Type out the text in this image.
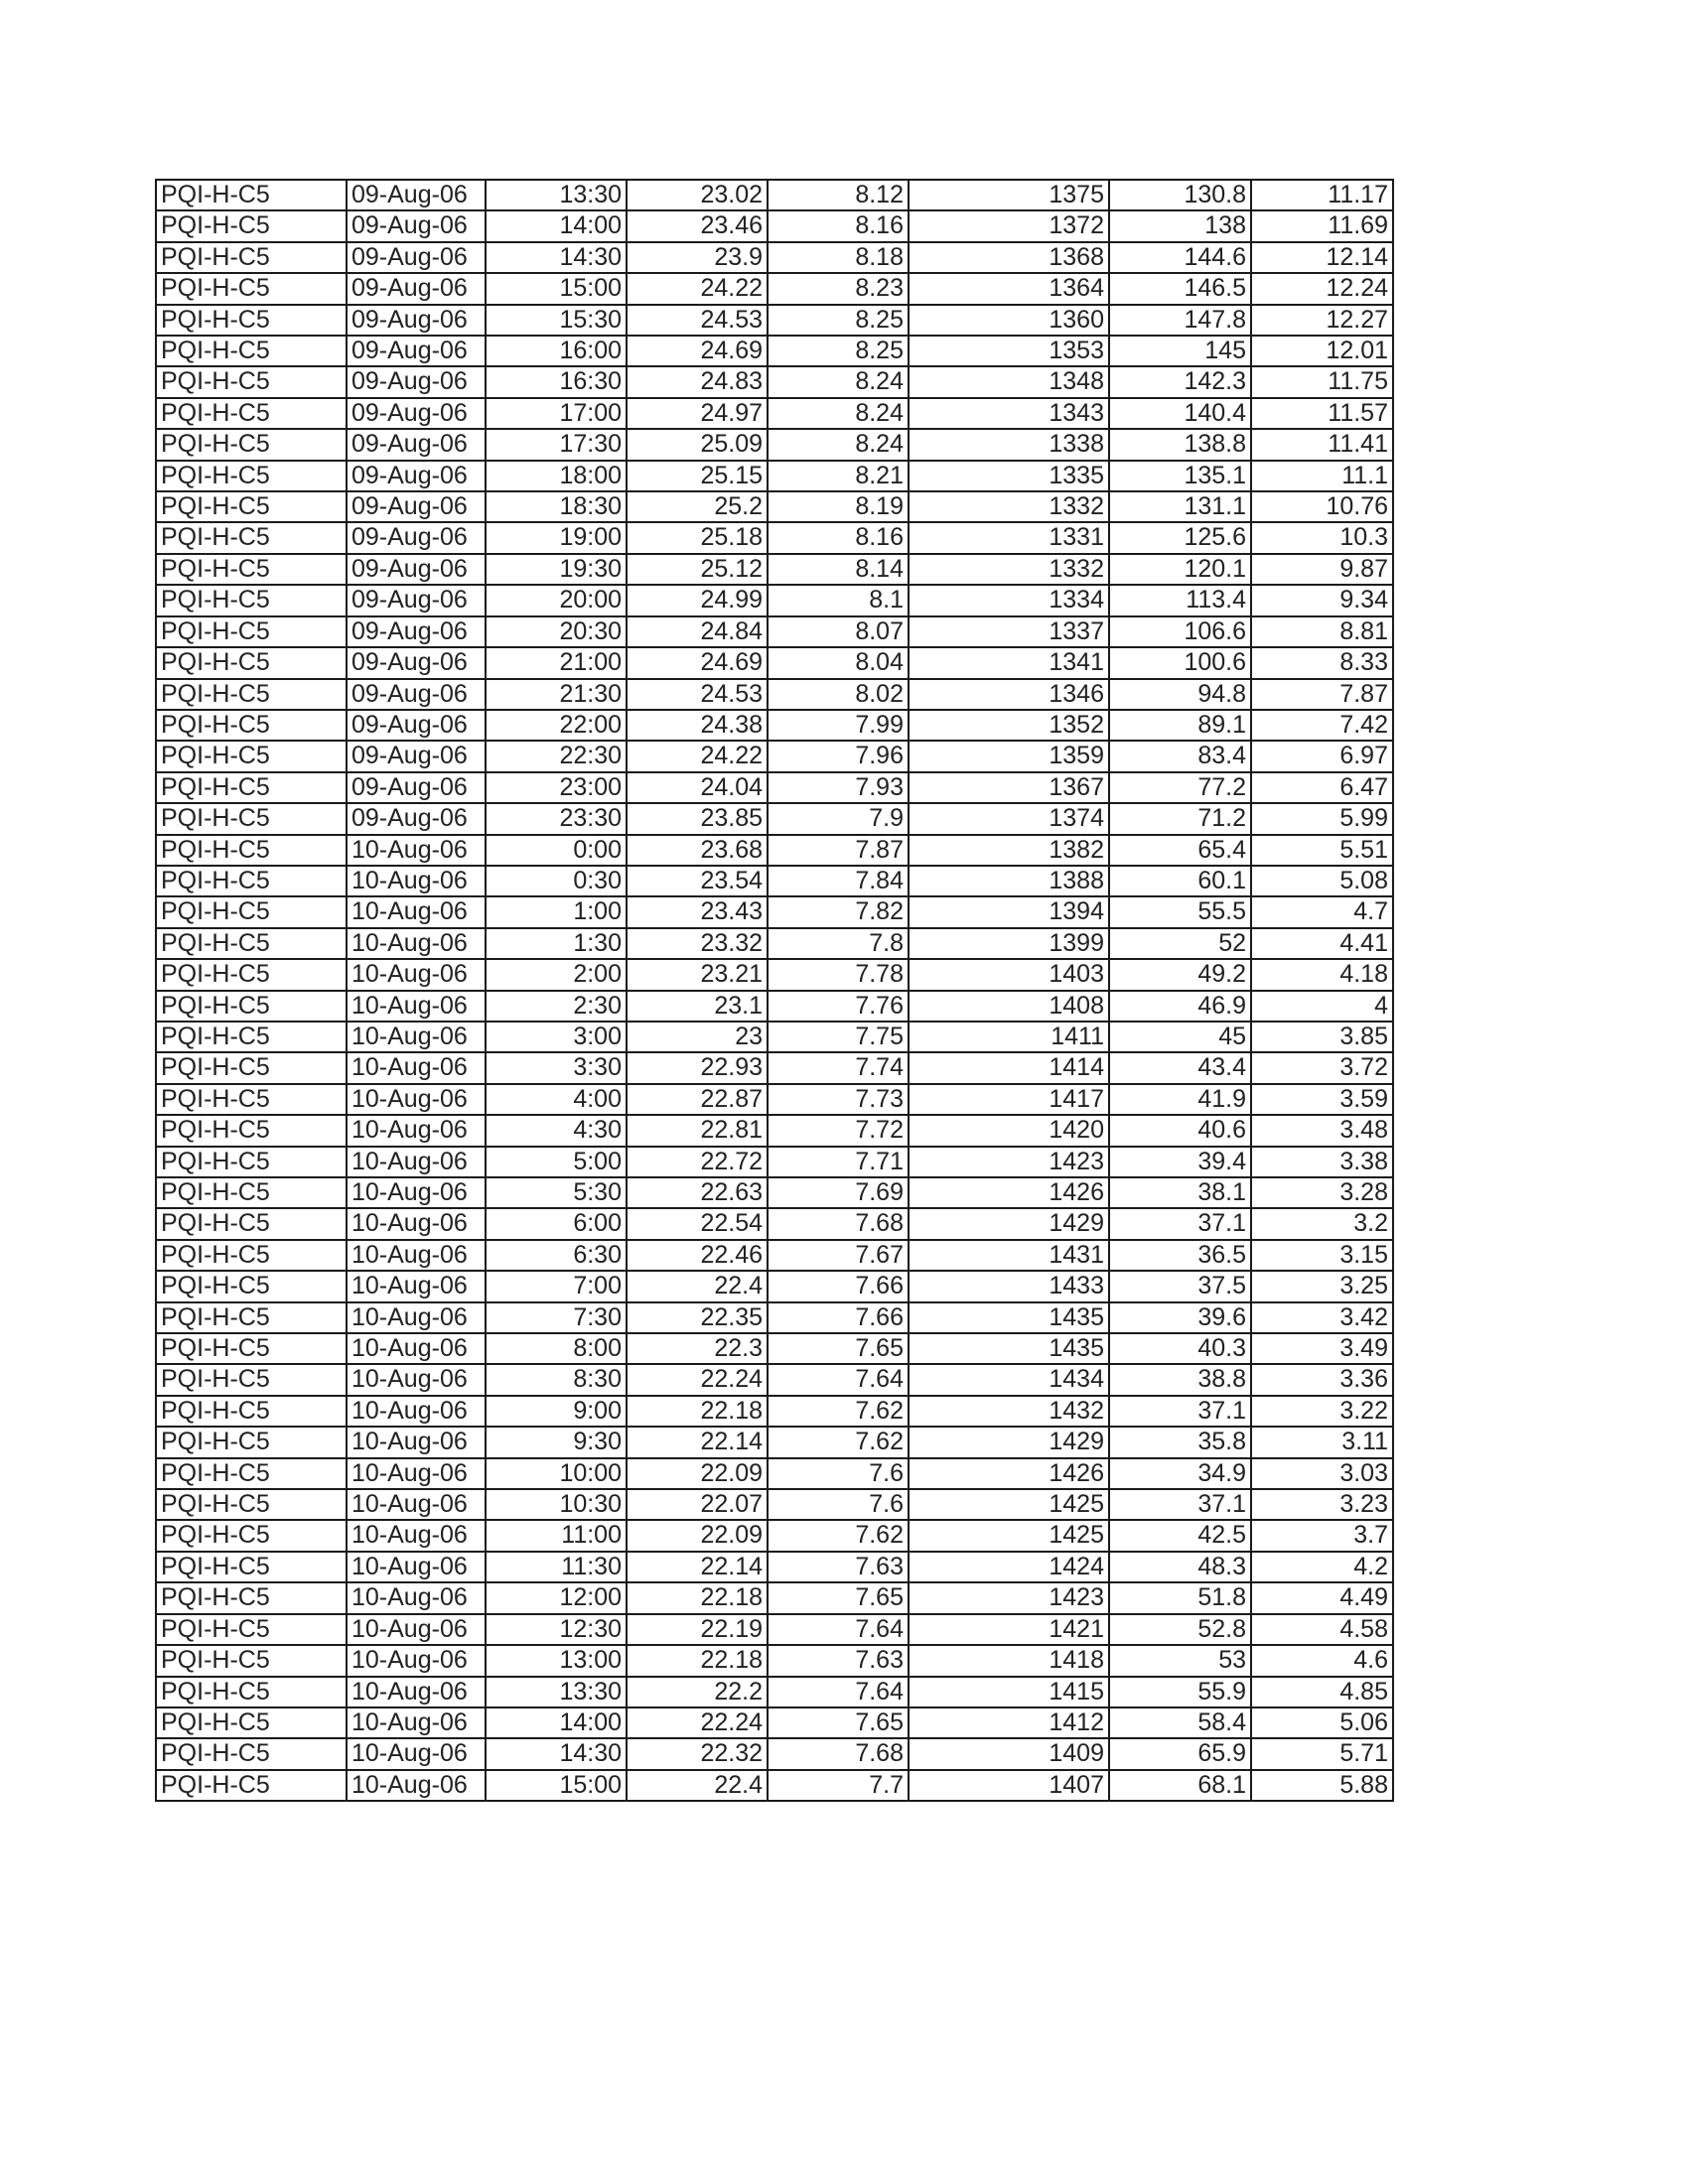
PQI-H-C5	09-Aug-06	13:30	23.02	8.12	1375	130.8	11.17
PQI-H-C5	09-Aug-06	14:00	23.46	8.16	1372	138	11.69
PQI-H-C5	09-Aug-06	14:30	23.9	8.18	1368	144.6	12.14
PQI-H-C5	09-Aug-06	15:00	24.22	8.23	1364	146.5	12.24
PQI-H-C5	09-Aug-06	15:30	24.53	8.25	1360	147.8	12.27
PQI-H-C5	09-Aug-06	16:00	24.69	8.25	1353	145	12.01
PQI-H-C5	09-Aug-06	16:30	24.83	8.24	1348	142.3	11.75
PQI-H-C5	09-Aug-06	17:00	24.97	8.24	1343	140.4	11.57
PQI-H-C5	09-Aug-06	17:30	25.09	8.24	1338	138.8	11.41
PQI-H-C5	09-Aug-06	18:00	25.15	8.21	1335	135.1	11.1
PQI-H-C5	09-Aug-06	18:30	25.2	8.19	1332	131.1	10.76
PQI-H-C5	09-Aug-06	19:00	25.18	8.16	1331	125.6	10.3
PQI-H-C5	09-Aug-06	19:30	25.12	8.14	1332	120.1	9.87
PQI-H-C5	09-Aug-06	20:00	24.99	8.1	1334	113.4	9.34
PQI-H-C5	09-Aug-06	20:30	24.84	8.07	1337	106.6	8.81
PQI-H-C5	09-Aug-06	21:00	24.69	8.04	1341	100.6	8.33
PQI-H-C5	09-Aug-06	21:30	24.53	8.02	1346	94.8	7.87
PQI-H-C5	09-Aug-06	22:00	24.38	7.99	1352	89.1	7.42
PQI-H-C5	09-Aug-06	22:30	24.22	7.96	1359	83.4	6.97
PQI-H-C5	09-Aug-06	23:00	24.04	7.93	1367	77.2	6.47
PQI-H-C5	09-Aug-06	23:30	23.85	7.9	1374	71.2	5.99
PQI-H-C5	10-Aug-06	0:00	23.68	7.87	1382	65.4	5.51
PQI-H-C5	10-Aug-06	0:30	23.54	7.84	1388	60.1	5.08
PQI-H-C5	10-Aug-06	1:00	23.43	7.82	1394	55.5	4.7
PQI-H-C5	10-Aug-06	1:30	23.32	7.8	1399	52	4.41
PQI-H-C5	10-Aug-06	2:00	23.21	7.78	1403	49.2	4.18
PQI-H-C5	10-Aug-06	2:30	23.1	7.76	1408	46.9	4
PQI-H-C5	10-Aug-06	3:00	23	7.75	1411	45	3.85
PQI-H-C5	10-Aug-06	3:30	22.93	7.74	1414	43.4	3.72
PQI-H-C5	10-Aug-06	4:00	22.87	7.73	1417	41.9	3.59
PQI-H-C5	10-Aug-06	4:30	22.81	7.72	1420	40.6	3.48
PQI-H-C5	10-Aug-06	5:00	22.72	7.71	1423	39.4	3.38
PQI-H-C5	10-Aug-06	5:30	22.63	7.69	1426	38.1	3.28
PQI-H-C5	10-Aug-06	6:00	22.54	7.68	1429	37.1	3.2
PQI-H-C5	10-Aug-06	6:30	22.46	7.67	1431	36.5	3.15
PQI-H-C5	10-Aug-06	7:00	22.4	7.66	1433	37.5	3.25
PQI-H-C5	10-Aug-06	7:30	22.35	7.66	1435	39.6	3.42
PQI-H-C5	10-Aug-06	8:00	22.3	7.65	1435	40.3	3.49
PQI-H-C5	10-Aug-06	8:30	22.24	7.64	1434	38.8	3.36
PQI-H-C5	10-Aug-06	9:00	22.18	7.62	1432	37.1	3.22
PQI-H-C5	10-Aug-06	9:30	22.14	7.62	1429	35.8	3.11
PQI-H-C5	10-Aug-06	10:00	22.09	7.6	1426	34.9	3.03
PQI-H-C5	10-Aug-06	10:30	22.07	7.6	1425	37.1	3.23
PQI-H-C5	10-Aug-06	11:00	22.09	7.62	1425	42.5	3.7
PQI-H-C5	10-Aug-06	11:30	22.14	7.63	1424	48.3	4.2
PQI-H-C5	10-Aug-06	12:00	22.18	7.65	1423	51.8	4.49
PQI-H-C5	10-Aug-06	12:30	22.19	7.64	1421	52.8	4.58
PQI-H-C5	10-Aug-06	13:00	22.18	7.63	1418	53	4.6
PQI-H-C5	10-Aug-06	13:30	22.2	7.64	1415	55.9	4.85
PQI-H-C5	10-Aug-06	14:00	22.24	7.65	1412	58.4	5.06
PQI-H-C5	10-Aug-06	14:30	22.32	7.68	1409	65.9	5.71
PQI-H-C5	10-Aug-06	15:00	22.4	7.7	1407	68.1	5.88
